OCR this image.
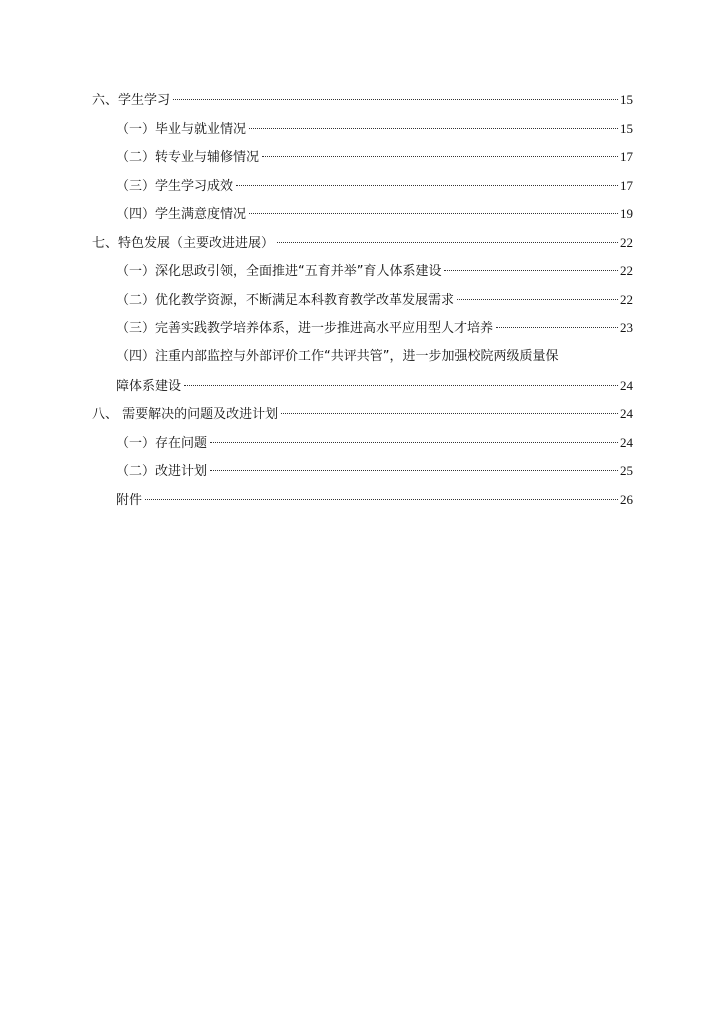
六、学生学习	15
（一）毕业与就业情况	15
（二）转专业与辅修情况	17
（三）学生学习成效	17
（四）学生满意度情况	19
七、特色发展（主要改进进展）	22
（一）深化思政引领，全面推进“五育并举”育人体系建设	22
（二）优化教学资源，不断满足本科教育教学改革发展需求	22
（三）完善实践教学培养体系，进一步推进高水平应用型人才培养	23
（四）注重内部监控与外部评价工作“共评共管”，进一步加强校院两级质量保
障体系建设	24
八、 需要解决的问题及改进计划	24
（一）存在问题	24
（二）改进计划	25
附件	26
